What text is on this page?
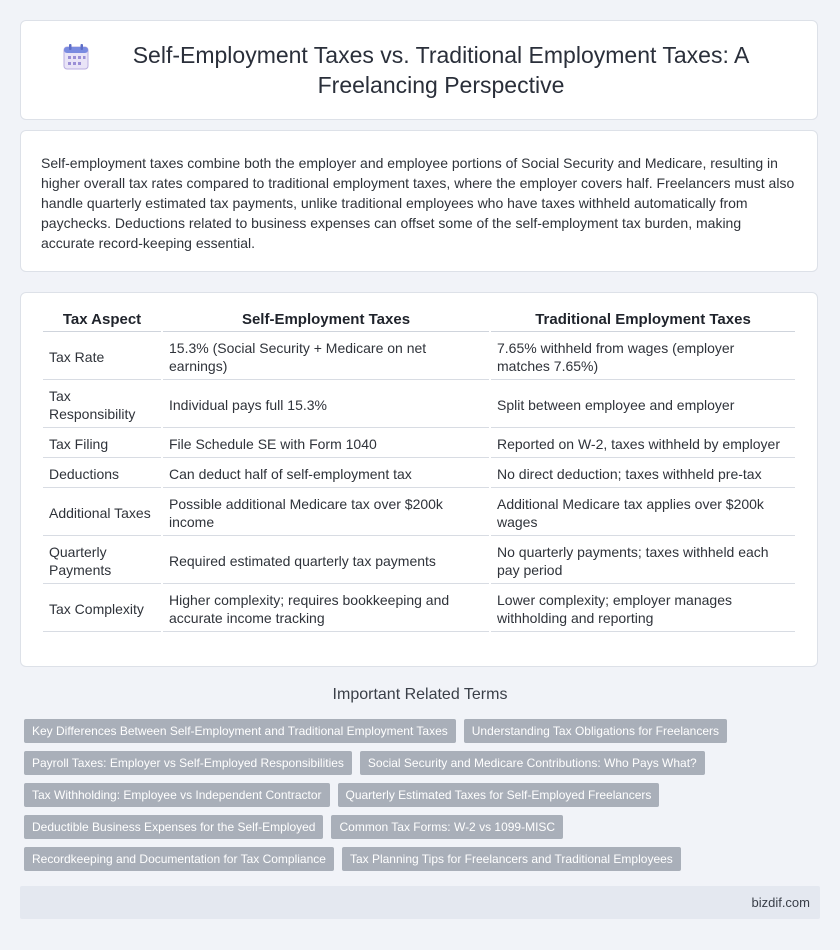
Self-Employment Taxes vs. Traditional Employment Taxes: A Freelancing Perspective

Self-employment taxes combine both the employer and employee portions of Social Security and Medicare, resulting in higher overall tax rates compared to traditional employment taxes, where the employer covers half. Freelancers must also handle quarterly estimated tax payments, unlike traditional employees who have taxes withheld automatically from paychecks. Deductions related to business expenses can offset some of the self-employment tax burden, making accurate record-keeping essential.

Tax Aspect	Self-Employment Taxes	Traditional Employment Taxes
Tax Rate	15.3% (Social Security + Medicare on net earnings)	7.65% withheld from wages (employer matches 7.65%)
Tax Responsibility	Individual pays full 15.3%	Split between employee and employer
Tax Filing	File Schedule SE with Form 1040	Reported on W-2, taxes withheld by employer
Deductions	Can deduct half of self-employment tax	No direct deduction; taxes withheld pre-tax
Additional Taxes	Possible additional Medicare tax over $200k income	Additional Medicare tax applies over $200k wages
Quarterly Payments	Required estimated quarterly tax payments	No quarterly payments; taxes withheld each pay period
Tax Complexity	Higher complexity; requires bookkeeping and accurate income tracking	Lower complexity; employer manages withholding and reporting
Important Related Terms
Key Differences Between Self-Employment and Traditional Employment Taxes	Understanding Tax Obligations for Freelancers
Payroll Taxes: Employer vs Self-Employed Responsibilities	Social Security and Medicare Contributions: Who Pays What?
Tax Withholding: Employee vs Independent Contractor	Quarterly Estimated Taxes for Self-Employed Freelancers
Deductible Business Expenses for the Self-Employed	Common Tax Forms: W-2 vs 1099-MISC
Recordkeeping and Documentation for Tax Compliance	Tax Planning Tips for Freelancers and Traditional Employees
bizdif.com
